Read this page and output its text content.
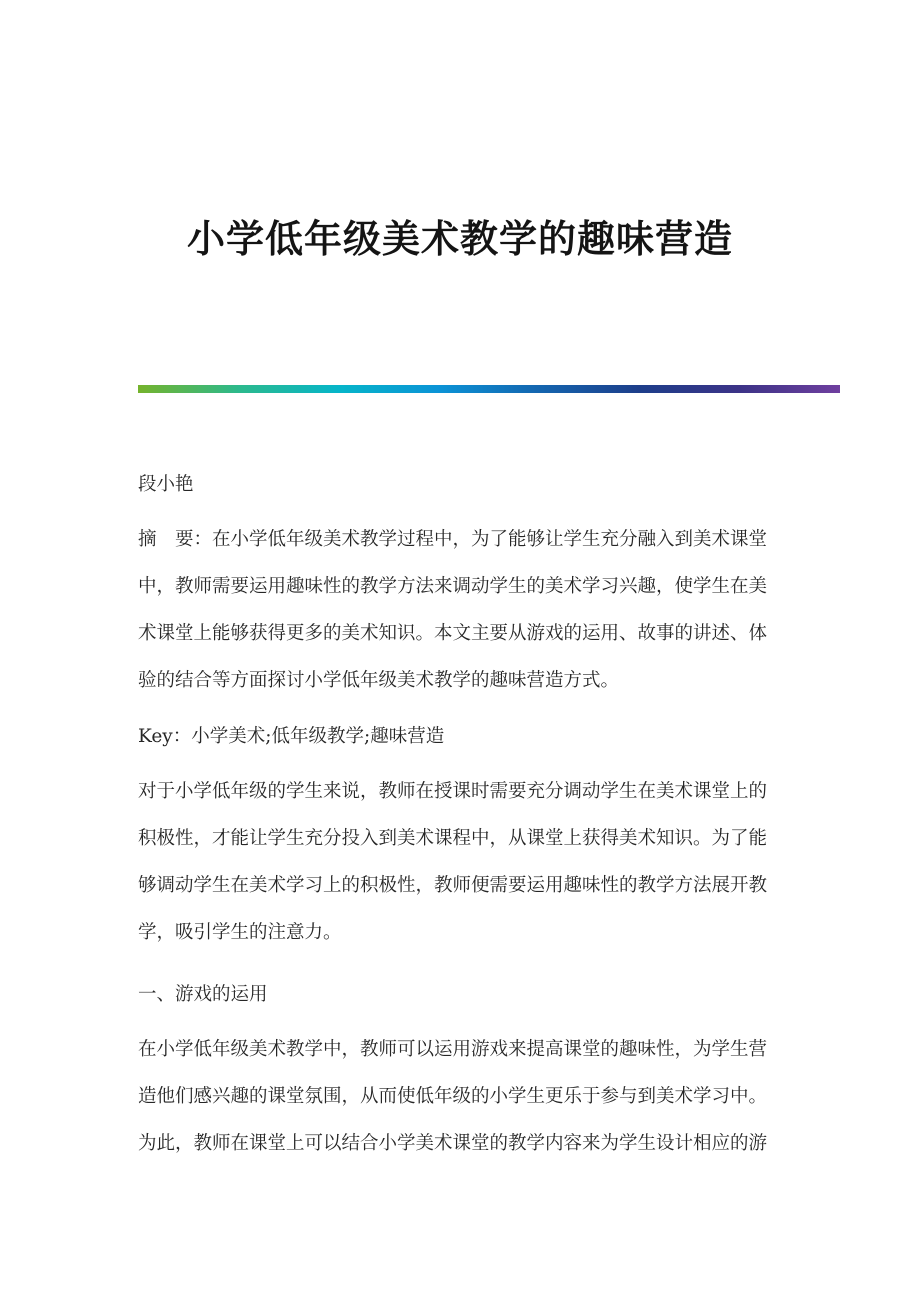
小学低年级美术教学的趣味营造

段小艳

摘　要：在小学低年级美术教学过程中，为了能够让学生充分融入到美术课堂中，教师需要运用趣味性的教学方法来调动学生的美术学习兴趣，使学生在美术课堂上能够获得更多的美术知识。本文主要从游戏的运用、故事的讲述、体验的结合等方面探讨小学低年级美术教学的趣味营造方式。

Key：小学美术;低年级教学;趣味营造

对于小学低年级的学生来说，教师在授课时需要充分调动学生在美术课堂上的积极性，才能让学生充分投入到美术课程中，从课堂上获得美术知识。为了能够调动学生在美术学习上的积极性，教师便需要运用趣味性的教学方法展开教学，吸引学生的注意力。

一、游戏的运用

在小学低年级美术教学中，教师可以运用游戏来提高课堂的趣味性，为学生营造他们感兴趣的课堂氛围，从而使低年级的小学生更乐于参与到美术学习中。为此，教师在课堂上可以结合小学美术课堂的教学内容来为学生设计相应的游
